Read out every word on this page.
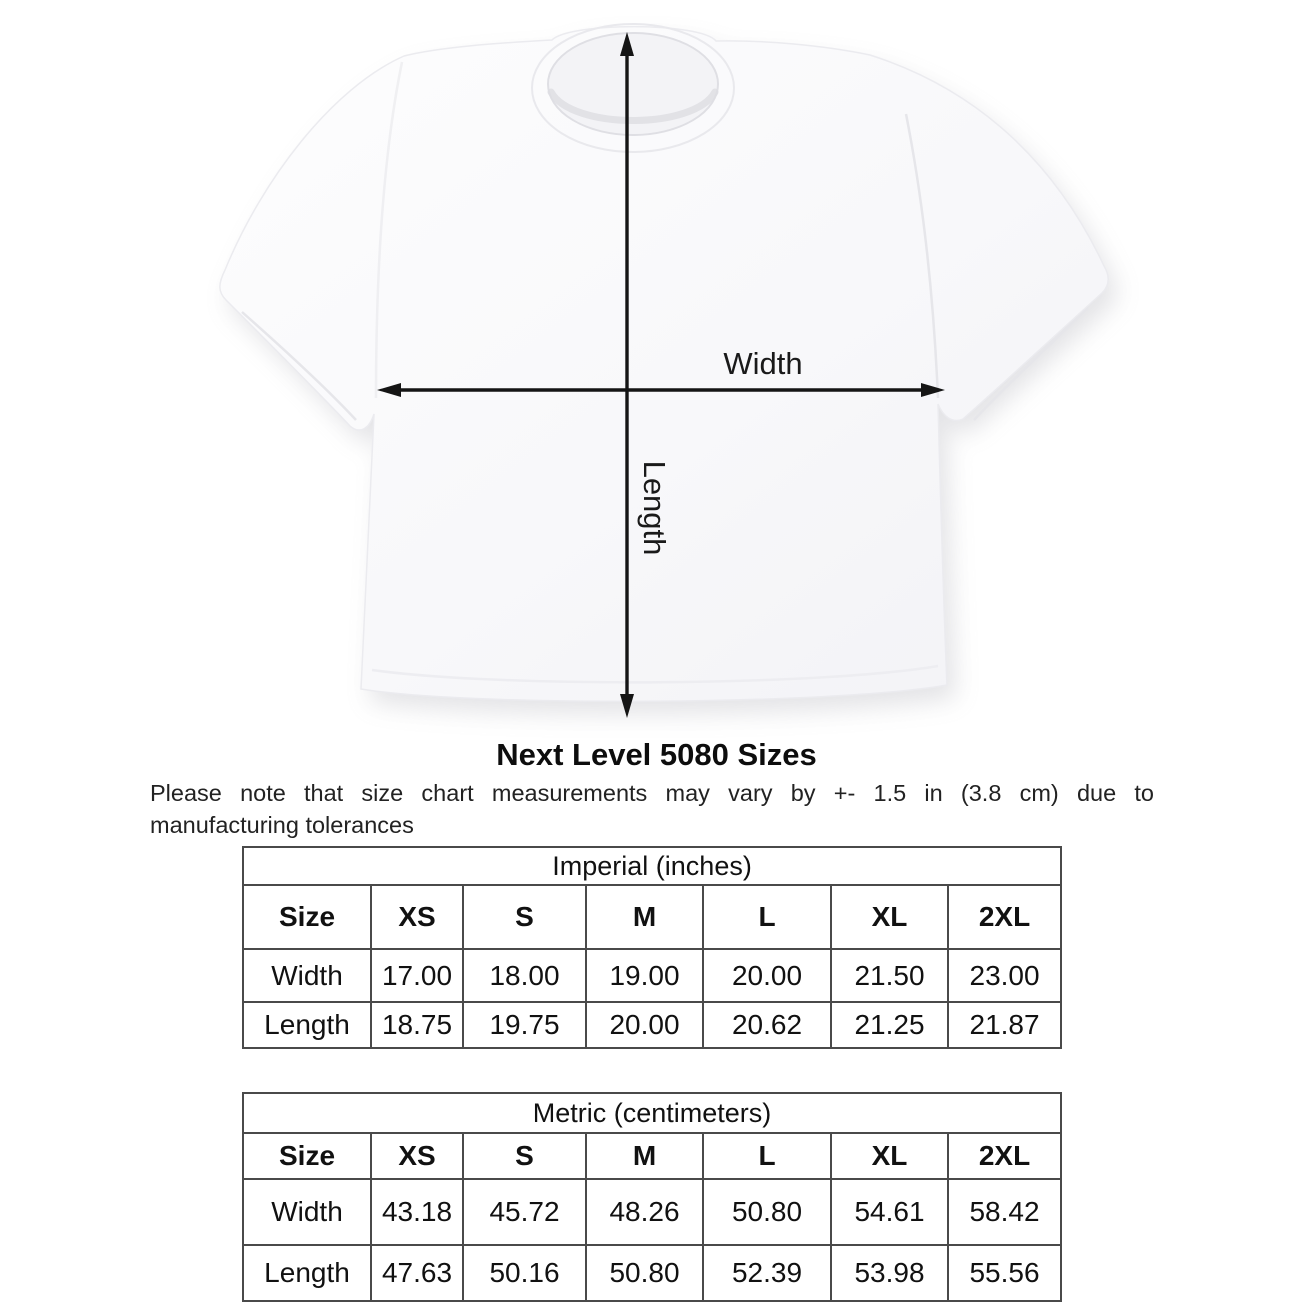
Width
Length
Next Level 5080 Sizes
Please note that size chart measurements may vary by +- 1.5 in (3.8 cm) due to
manufacturing tolerances
Imperial (inches)						
Size	XS	S	M	L	XL	2XL
Width	17.00	18.00	19.00	20.00	21.50	23.00
Length	18.75	19.75	20.00	20.62	21.25	21.87
Metric (centimeters)						
Size	XS	S	M	L	XL	2XL
Width	43.18	45.72	48.26	50.80	54.61	58.42
Length	47.63	50.16	50.80	52.39	53.98	55.56
